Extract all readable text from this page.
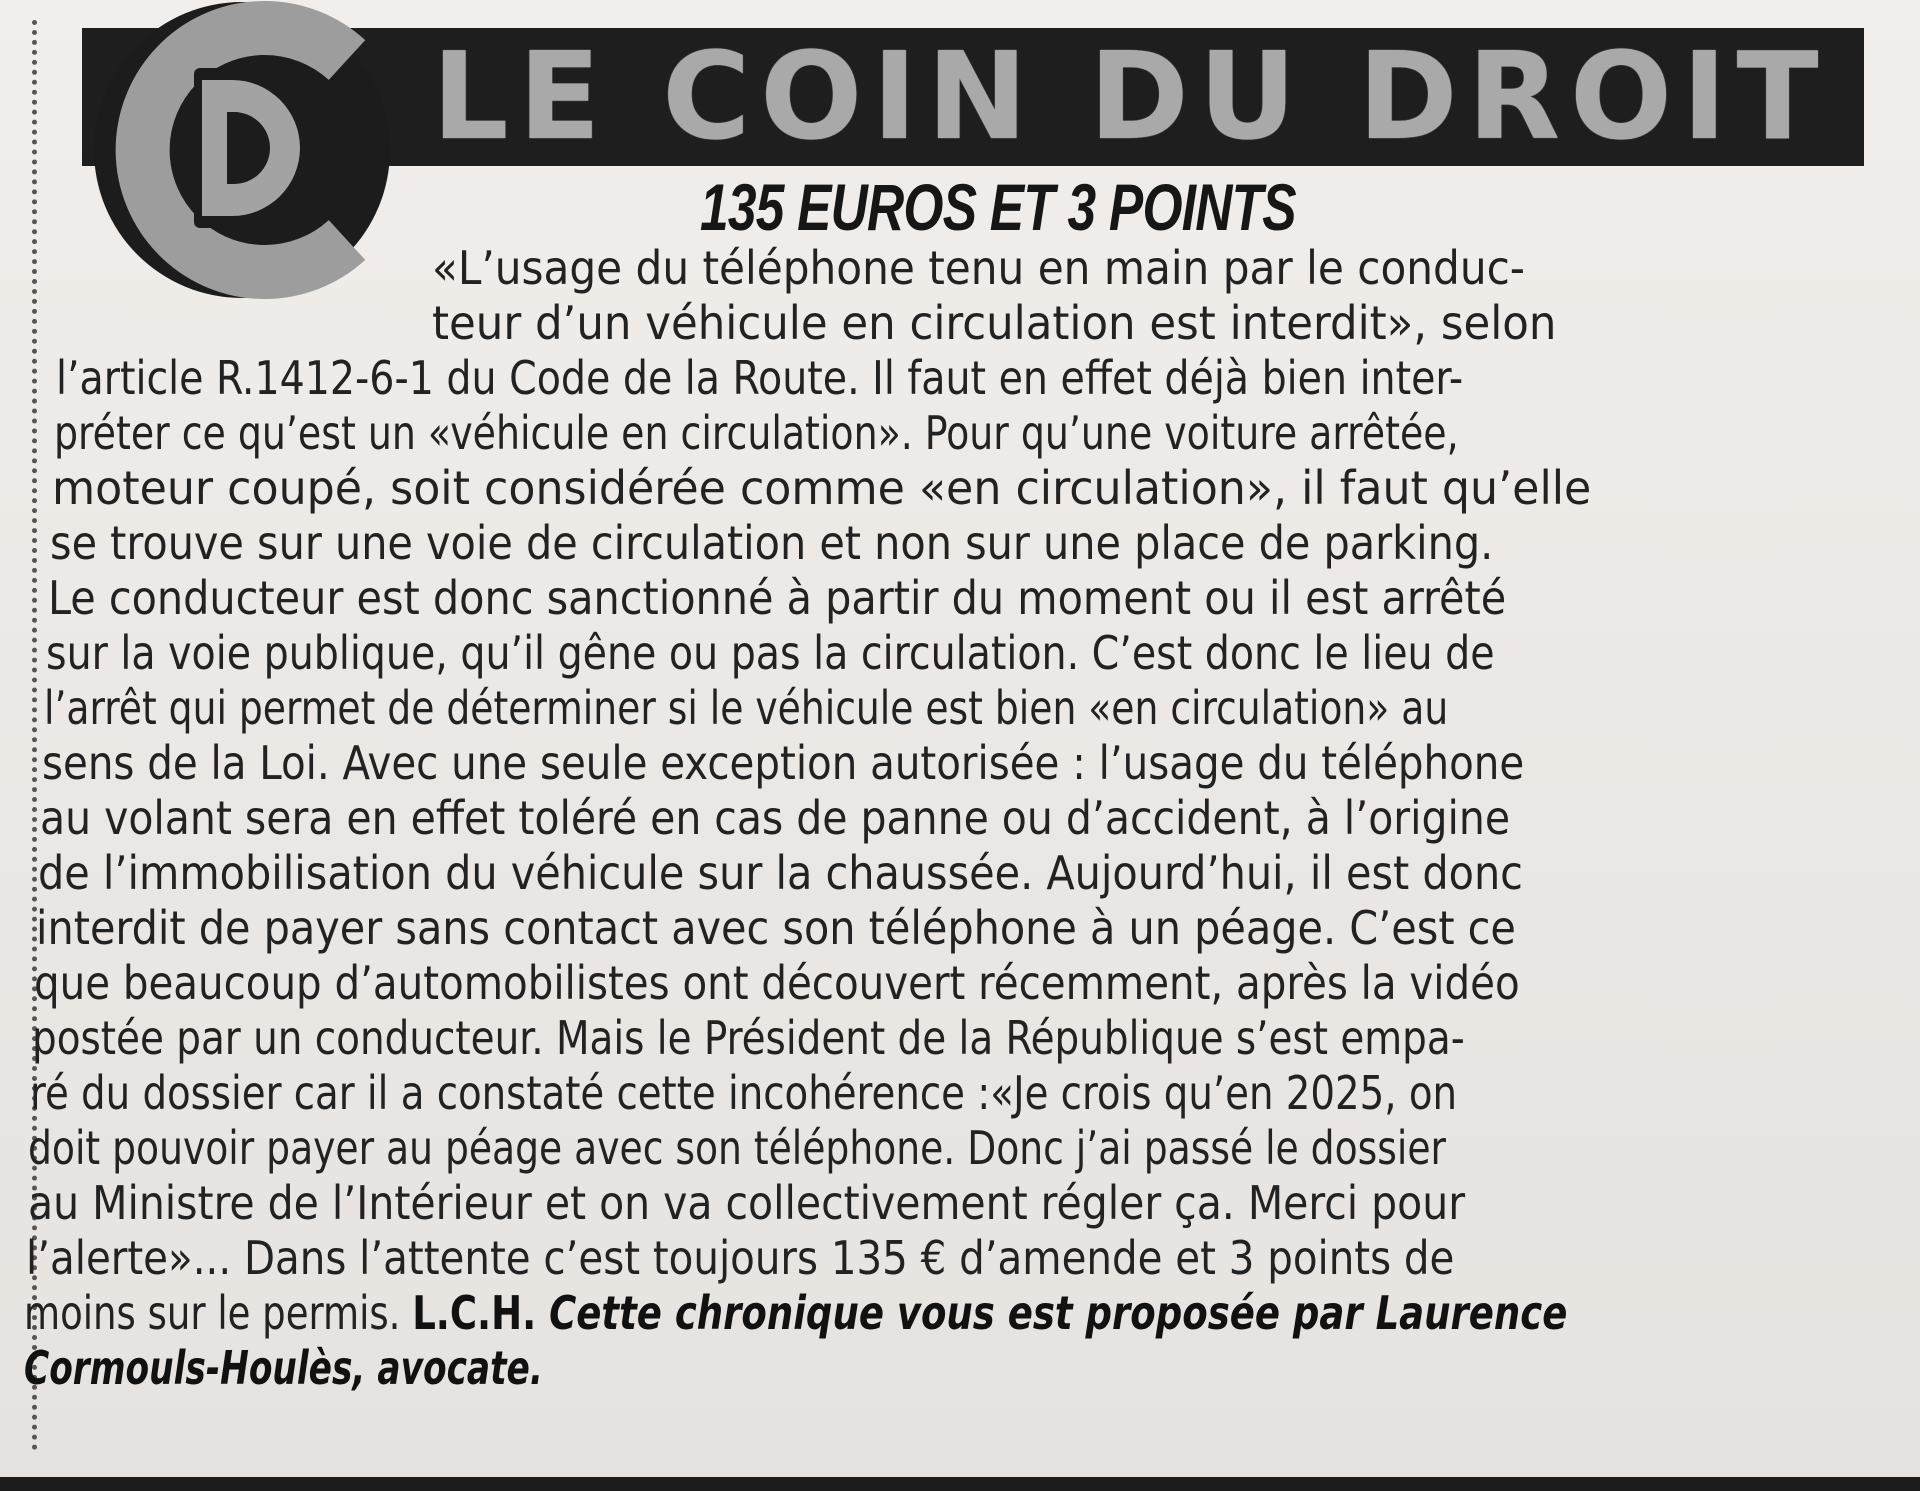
LE COIN DU DROIT
135 EUROS ET 3 POINTS
«L’usage du téléphone tenu en main par le conduc-
teur d’un véhicule en circulation est interdit», selon
l’article R.1412-6-1 du Code de la Route. Il faut en effet déjà bien inter-
préter ce qu’est un «véhicule en circulation». Pour qu’une voiture arrêtée,
moteur coupé, soit considérée comme «en circulation», il faut qu’elle
se trouve sur une voie de circulation et non sur une place de parking.
Le conducteur est donc sanctionné à partir du moment ou il est arrêté
sur la voie publique, qu’il gêne ou pas la circulation. C’est donc le lieu de
l’arrêt qui permet de déterminer si le véhicule est bien «en circulation» au
sens de la Loi. Avec une seule exception autorisée : l’usage du téléphone
au volant sera en effet toléré en cas de panne ou d’accident, à l’origine
de l’immobilisation du véhicule sur la chaussée. Aujourd’hui, il est donc
interdit de payer sans contact avec son téléphone à un péage. C’est ce
que beaucoup d’automobilistes ont découvert récemment, après la vidéo
postée par un conducteur. Mais le Président de la République s’est empa-
ré du dossier car il a constaté cette incohérence :«Je crois qu’en 2025, on
doit pouvoir payer au péage avec son téléphone. Donc j’ai passé le dossier
au Ministre de l’Intérieur et on va collectivement régler ça. Merci pour
l’alerte»... Dans l’attente c’est toujours 135 € d’amende et 3 points de
moins sur le permis. L.C.H. Cette chronique vous est proposée par Laurence
Cormouls-Houlès, avocate.
